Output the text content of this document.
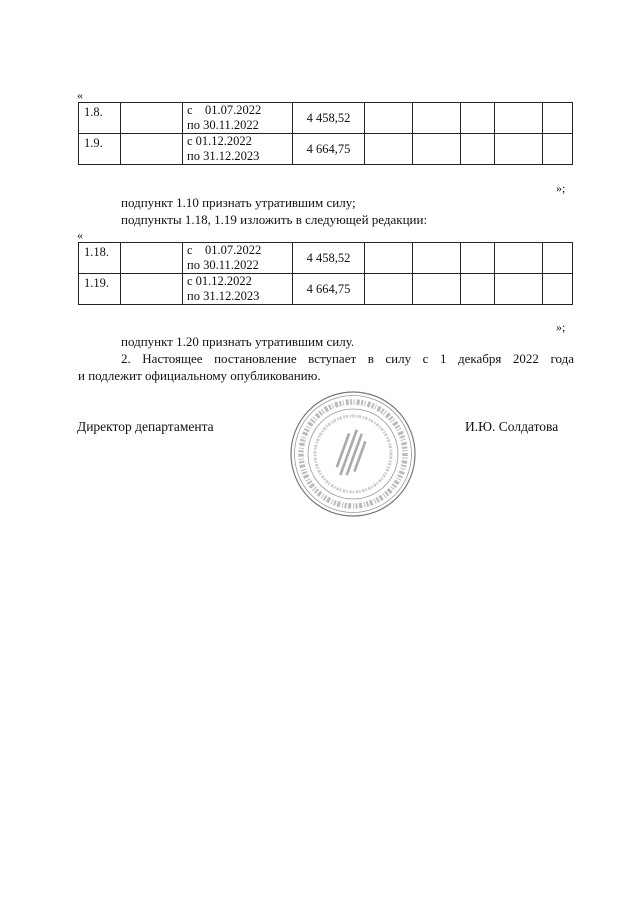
«
1.8.		с    01.07.2022
по 30.11.2022	4 458,52					
1.9.		с 01.12.2022
по 31.12.2023	4 664,75					
»;
подпункт 1.10 признать утратившим силу;
подпункты 1.18, 1.19 изложить в следующей редакции:
«
1.18.		с    01.07.2022
по 30.11.2022	4 458,52					
1.19.		с 01.12.2022
по 31.12.2023	4 664,75					
»;
подпункт 1.20 признать утратившим силу.
2. Настоящее постановление вступает в силу с 1 декабря 2022 года
и подлежит официальному опубликованию.
Директор департамента	И.Ю. Солдатова
